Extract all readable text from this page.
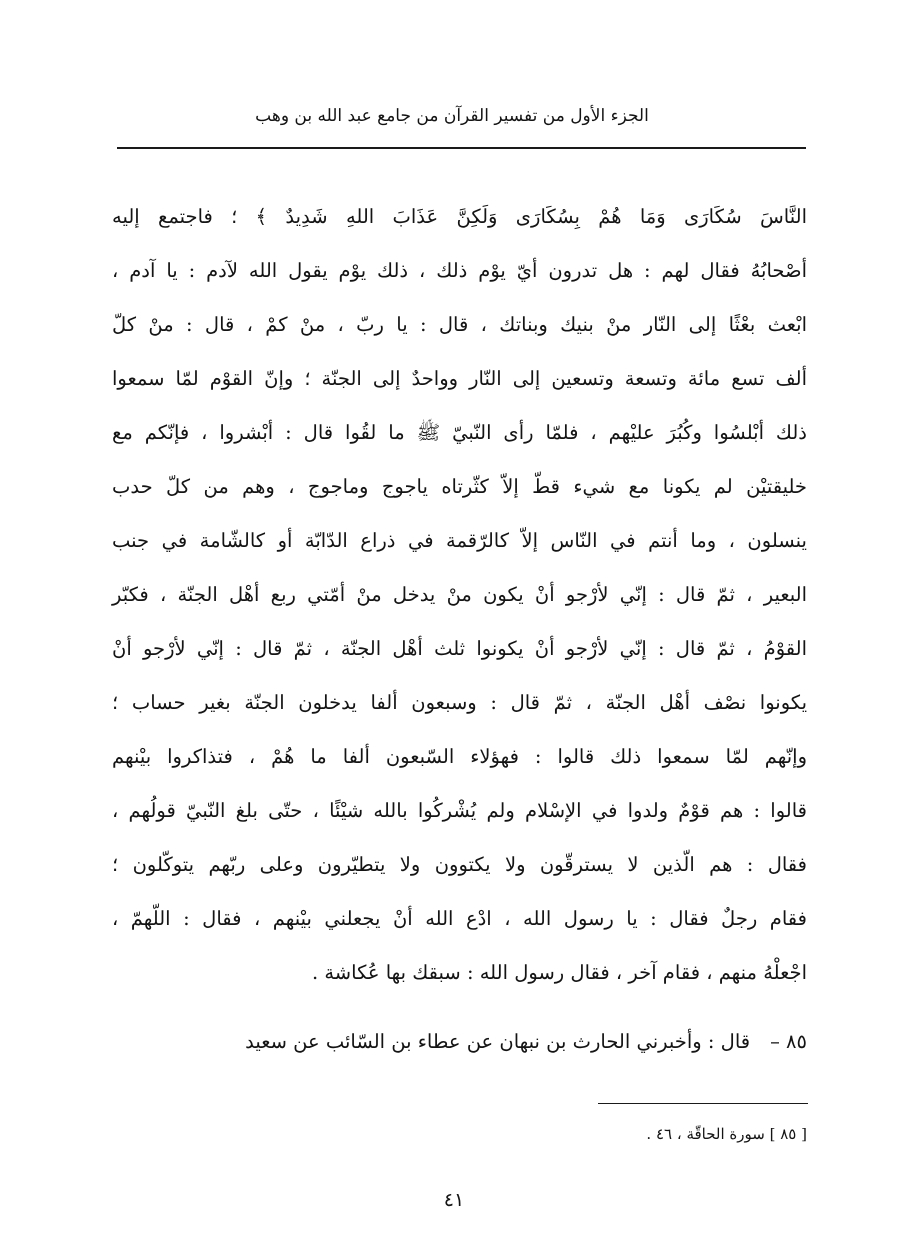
الجزء الأول من تفسير القرآن من جامع عبد الله بن وهب
النَّاسَ سُكَارَى وَمَا هُمْ بِسُكَارَى وَلَكِنَّ عَذَابَ اللهِ شَدِيدٌ ﴾ ؛ فاجتمع إليه
أصْحابُهُ فقال لهم : هل تدرون أيّ يوْم ذلك ، ذلك يوْم يقول الله لآدم : يا آدم ،
ابْعث بعْثًا إلى النّار منْ بنيك وبناتك ، قال : يا ربّ ، منْ كمْ ، قال : منْ كلّ
ألف تسع مائة وتسعة وتسعين إلى النّار وواحدٌ إلى الجنّة ؛ وإنّ القوْم لمّا سمعوا
ذلك أبْلسُوا وكُبُرَ عليْهم ، فلمّا رأى النّبيّ ﷺ ما لقُوا قال : أبْشروا ، فإنّكم مع
خليقتيْن لم يكونا مع شيء قطّ إلاّ كثّرتاه ياجوج وماجوج ، وهم من كلّ حدب
ينسلون ، وما أنتم في النّاس إلاّ كالرّقمة في ذراع الدّابّة أو كالشّامة في جنب
البعير ، ثمّ قال : إنّي لأرْجو أنْ يكون منْ يدخل منْ أمّتي ربع أهْل الجنّة ، فكبّر
القوْمُ ، ثمّ قال : إنّي لأرْجو أنْ يكونوا ثلث أهْل الجنّة ، ثمّ قال : إنّي لأرْجو أنْ
يكونوا نصْف أهْل الجنّة ، ثمّ قال : وسبعون ألفا يدخلون الجنّة بغير حساب ؛
وإنّهم لمّا سمعوا ذلك قالوا : فهؤلاء السّبعون ألفا ما هُمْ ، فتذاكروا بيْنهم
قالوا : هم قوْمٌ ولدوا في الإسْلام ولم يُشْركُوا بالله شيْئًا ، حتّى بلغ النّبيّ قولُهم ،
فقال : هم الّذين لا يسترقّون ولا يكتوون ولا يتطيّرون وعلى ربّهم يتوكّلون ؛
فقام رجلٌ فقال : يا رسول الله ، ادْع الله أنْ يجعلني بيْنهم ، فقال : اللّهمّ ،
اجْعلْهُ منهم ، فقام آخر ، فقال رسول الله : سبقك بها عُكاشة .
٨٥ –قال : وأخبرني الحارث بن نبهان عن عطاء بن السّائب عن سعيد
[ ٨٥ ] سورة الحاقّة ، ٤٦ .
٤١
